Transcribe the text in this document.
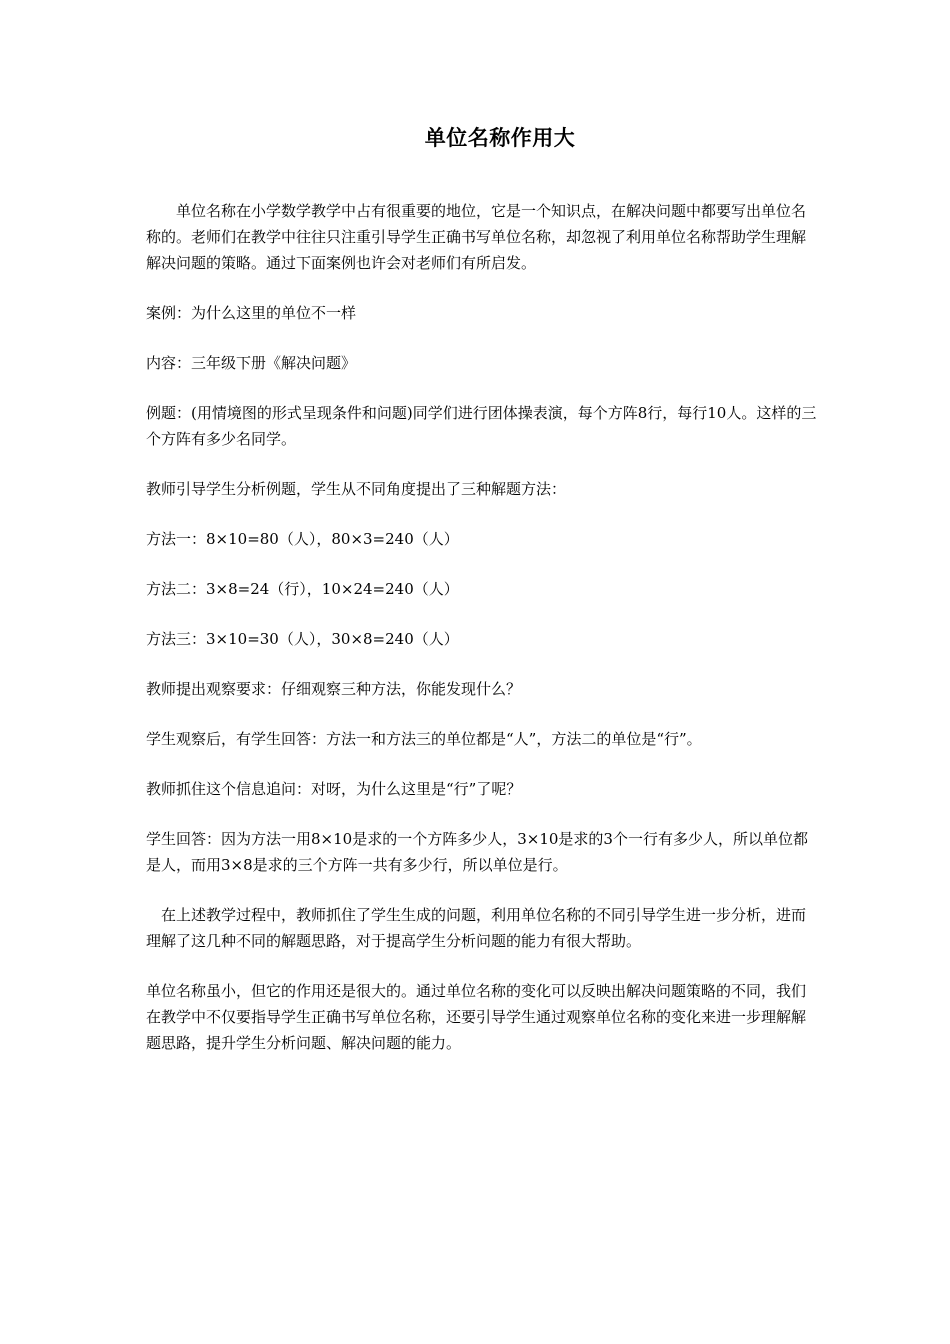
单位名称作用大

单位名称在小学数学教学中占有很重要的地位，它是一个知识点，在解决问题中都要写出单位名称的。老师们在教学中往往只注重引导学生正确书写单位名称，却忽视了利用单位名称帮助学生理解解决问题的策略。通过下面案例也许会对老师们有所启发。

案例：为什么这里的单位不一样

内容：三年级下册《解决问题》

例题：(用情境图的形式呈现条件和问题)同学们进行团体操表演，每个方阵8行，每行10人。这样的三个方阵有多少名同学。

教师引导学生分析例题，学生从不同角度提出了三种解题方法：

方法一：8×10=80（人），80×3=240（人）

方法二：3×8=24（行），10×24=240（人）

方法三：3×10=30（人），30×8=240（人）

教师提出观察要求：仔细观察三种方法，你能发现什么？

学生观察后，有学生回答：方法一和方法三的单位都是“人”，方法二的单位是“行”。

教师抓住这个信息追问：对呀，为什么这里是“行”了呢？

学生回答：因为方法一用8×10是求的一个方阵多少人，3×10是求的3个一行有多少人，所以单位都是人，而用3×8是求的三个方阵一共有多少行，所以单位是行。

在上述教学过程中，教师抓住了学生生成的问题，利用单位名称的不同引导学生进一步分析，进而理解了这几种不同的解题思路，对于提高学生分析问题的能力有很大帮助。

单位名称虽小，但它的作用还是很大的。通过单位名称的变化可以反映出解决问题策略的不同，我们在教学中不仅要指导学生正确书写单位名称，还要引导学生通过观察单位名称的变化来进一步理解解题思路，提升学生分析问题、解决问题的能力。
